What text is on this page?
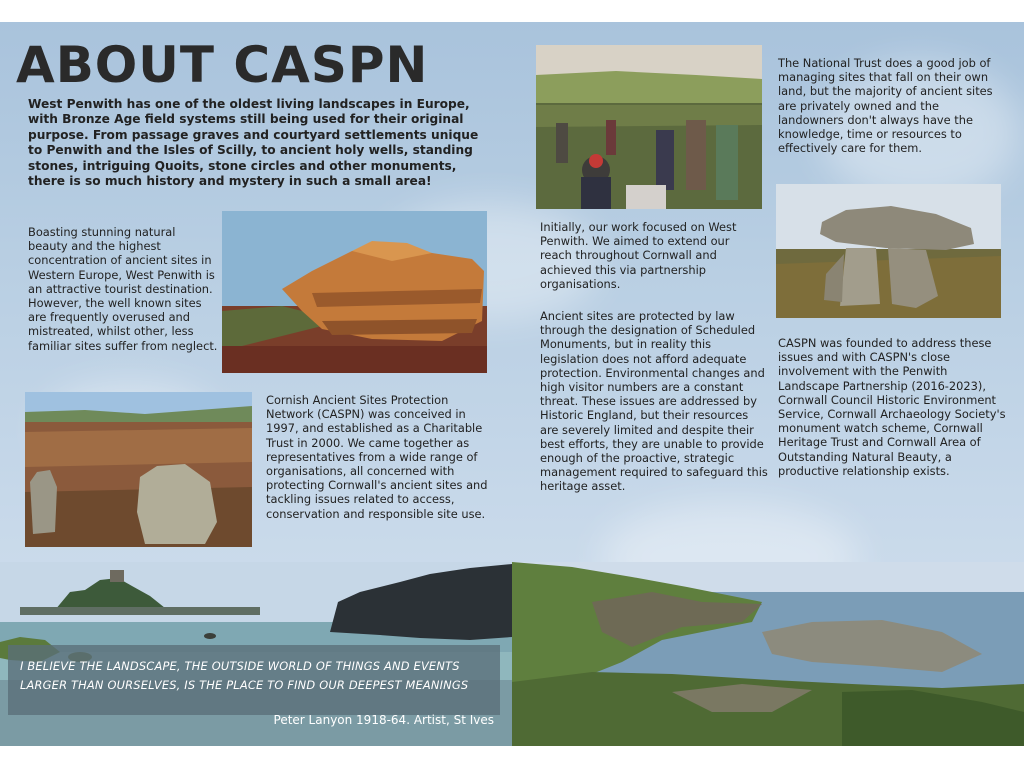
ABOUT CASPN
West Penwith has one of the oldest living landscapes in Europe, with Bronze Age field systems still being used for their original purpose. From passage graves and courtyard settlements unique to Penwith and the Isles of Scilly, to ancient holy wells, standing stones, intriguing Quoits, stone circles and other monuments, there is so much history and mystery in such a small area!
Boasting stunning natural beauty and the highest concentration of ancient sites in Western Europe, West Penwith is an attractive tourist destination. However, the well known sites are frequently overused and mistreated, whilst other, less familiar sites suffer from neglect.
Cornish Ancient Sites Protection Network (CASPN) was conceived in 1997, and established as a Charitable Trust in 2000. We came together as representatives from a wide range of organisations, all concerned with protecting Cornwall's ancient sites and tackling issues related to access, conservation and responsible site use.
Initially, our work focused on West Penwith. We aimed to extend our reach throughout Cornwall and achieved this via partnership organisations.
Ancient sites are protected by law through the designation of Scheduled Monuments, but in reality this legislation does not afford adequate protection. Environmental changes and high visitor numbers are a constant threat. These issues are addressed by Historic England, but their resources are severely limited and despite their best efforts, they are unable to provide enough of the proactive, strategic management required to safeguard this heritage asset.
The National Trust does a good job of managing sites that fall on their own land, but the majority of ancient sites are privately owned and the landowners don't always have the knowledge, time or resources to effectively care for them.
CASPN was founded to address these issues and with CASPN's close involvement with the Penwith Landscape Partnership (2016-2023), Cornwall Council Historic Environment Service, Cornwall Archaeology Society's monument watch scheme, Cornwall Heritage Trust and Cornwall Area of Outstanding Natural Beauty, a productive relationship exists.
I BELIEVE THE LANDSCAPE, THE OUTSIDE WORLD OF THINGS AND EVENTS LARGER THAN OURSELVES, IS THE PLACE TO FIND OUR DEEPEST MEANINGS
Peter Lanyon 1918-64. Artist, St Ives
